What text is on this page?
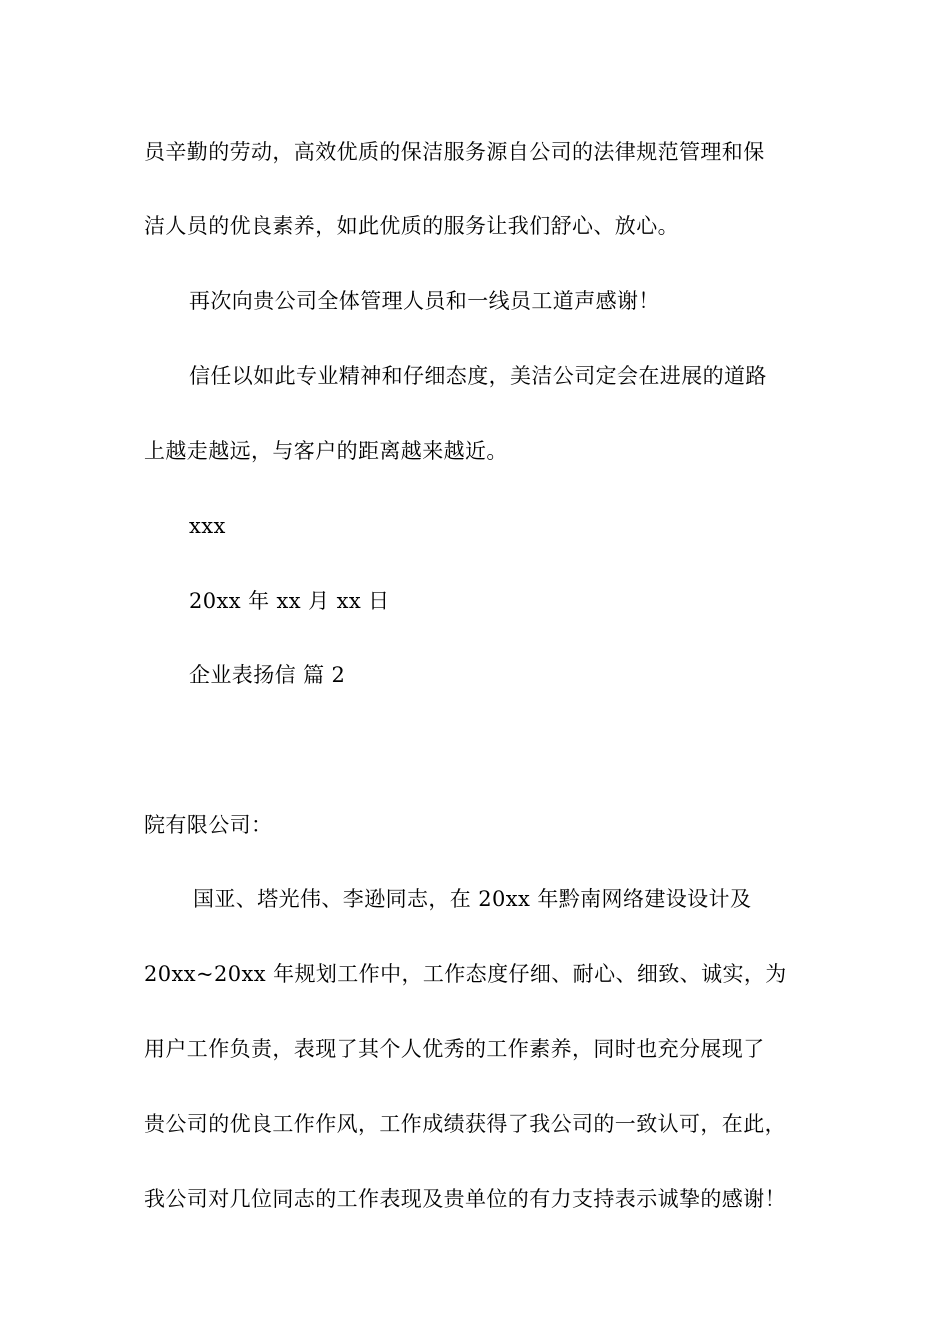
员辛勤的劳动，高效优质的保洁服务源自公司的法律规范管理和保
洁人员的优良素养，如此优质的服务让我们舒心、放心。
再次向贵公司全体管理人员和一线员工道声感谢！
信任以如此专业精神和仔细态度，美洁公司定会在进展的道路
上越走越远，与客户的距离越来越近。
xxx
20xx 年 xx 月 xx 日
企业表扬信 篇 2
院有限公司：
国亚、塔光伟、李逊同志，在 20xx 年黔南网络建设设计及
20xx~20xx 年规划工作中，工作态度仔细、耐心、细致、诚实，为
用户工作负责，表现了其个人优秀的工作素养，同时也充分展现了
贵公司的优良工作作风，工作成绩获得了我公司的一致认可，在此，
我公司对几位同志的工作表现及贵单位的有力支持表示诚挚的感谢！
